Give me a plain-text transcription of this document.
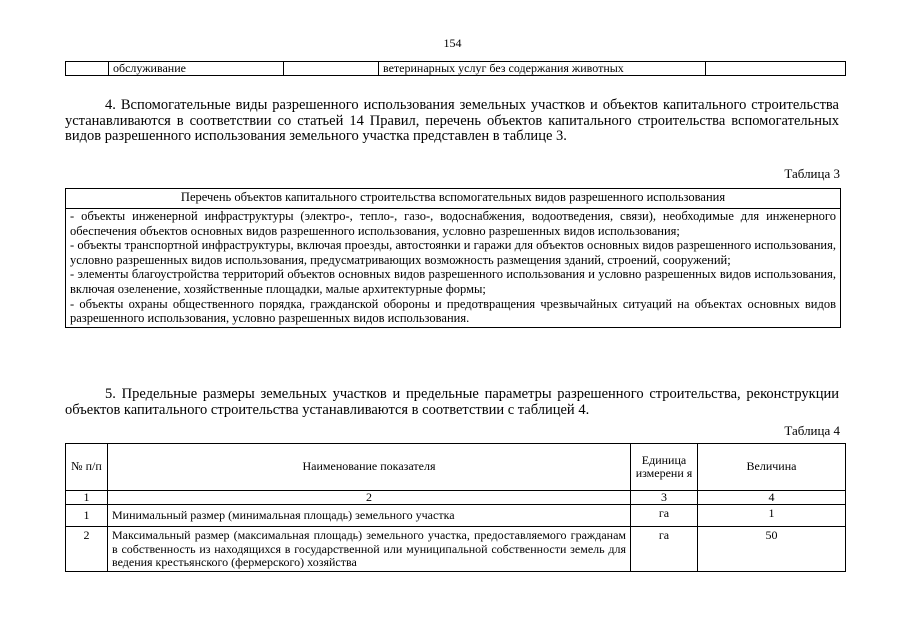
154
	обслуживание		ветеринарных услуг без содержания животных	

4. Вспомогательные виды разрешенного использования земельных участков и объектов капитального строительства устанавливаются в соответствии со статьей 14 Правил, перечень объектов капитального строительства вспомогательных видов разрешенного использования земельного участка представлен в таблице 3.

Таблица 3
Перечень объектов капитального строительства вспомогательных видов разрешенного использования

- объекты инженерной инфраструктуры (электро-, тепло-, газо-, водоснабжения, водоотведения, связи), необходимые для инженерного обеспечения объектов основных видов разрешенного использования, условно разрешенных видов использования;

- объекты транспортной инфраструктуры, включая проезды, автостоянки и гаражи для объектов основных видов разрешенного использования, условно разрешенных видов использования, предусматривающих возможность размещения зданий, строений, сооружений;

- элементы благоустройства территорий объектов основных видов разрешенного использования и условно разрешенных видов использования, включая озеленение, хозяйственные площадки, малые архитектурные формы;

- объекты охраны общественного порядка, гражданской обороны и предотвращения чрезвычайных ситуаций на объектах основных видов разрешенного использования, условно разрешенных видов использования.

5. Предельные размеры земельных участков и предельные параметры разрешенного строительства, реконструкции объектов капитального строительства устанавливаются в соответствии с таблицей 4.

Таблица 4
№ п/п	Наименование показателя	Единица измерени я	Величина
1	2	3	4
1	Минимальный размер (минимальная площадь) земельного участка	га	1
2	Максимальный размер (максимальная площадь) земельного участка, предоставляемого гражданам в собственность из находящихся в государственной или муниципальной собственности земель для ведения крестьянского (фермерского) хозяйства	га	50
